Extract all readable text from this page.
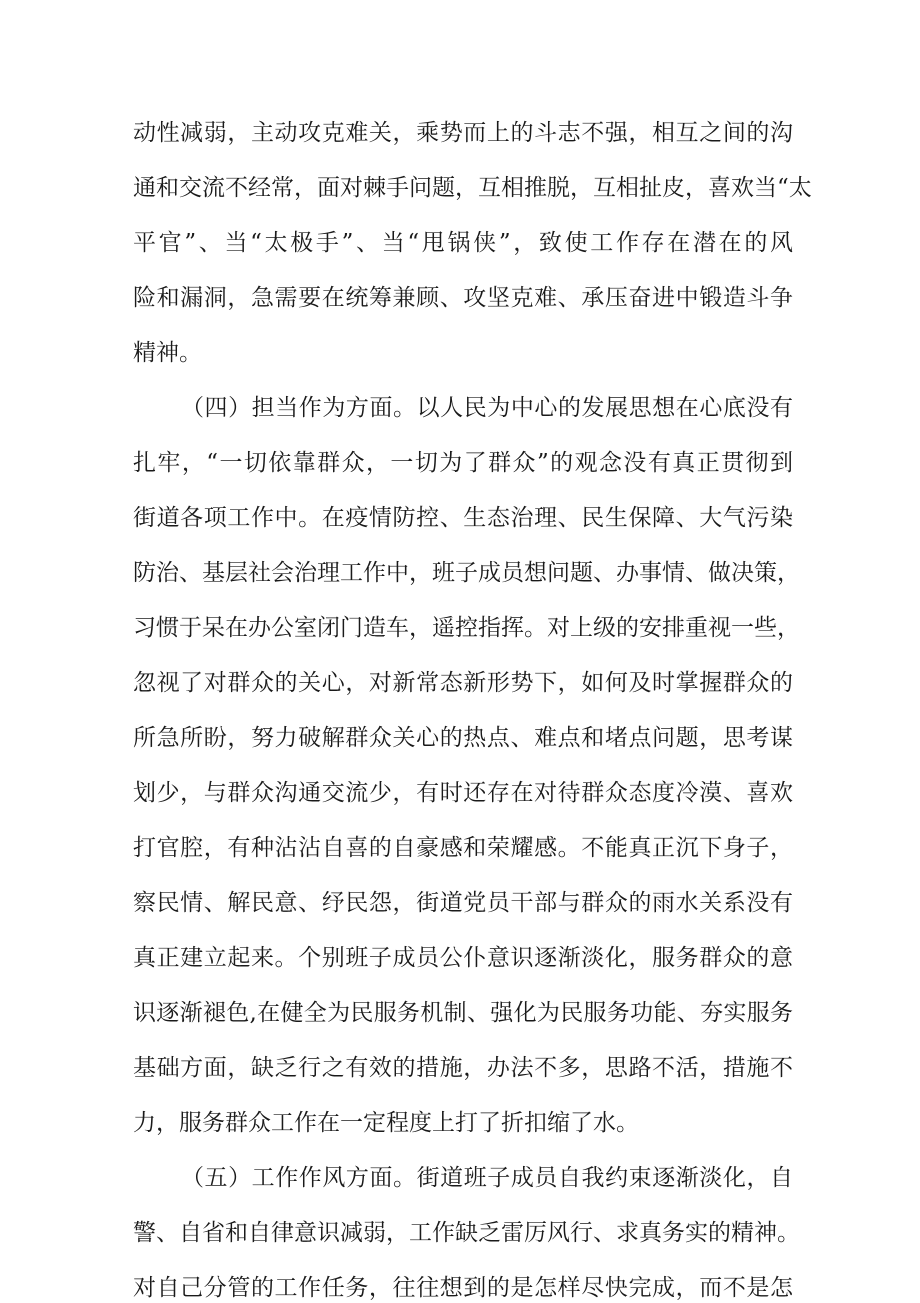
动性减弱，主动攻克难关，乘势而上的斗志不强，相互之间的沟
通和交流不经常，面对棘手问题，互相推脱，互相扯皮，喜欢当“太
平官”、当“太极手”、当“甩锅侠”，致使工作存在潜在的风
险和漏洞，急需要在统筹兼顾、攻坚克难、承压奋进中锻造斗争
精神。
（四）担当作为方面。以人民为中心的发展思想在心底没有
扎牢，“一切依靠群众，一切为了群众”的观念没有真正贯彻到
街道各项工作中。在疫情防控、生态治理、民生保障、大气污染
防治、基层社会治理工作中，班子成员想问题、办事情、做决策，
习惯于呆在办公室闭门造车，遥控指挥。对上级的安排重视一些，
忽视了对群众的关心，对新常态新形势下，如何及时掌握群众的
所急所盼，努力破解群众关心的热点、难点和堵点问题，思考谋
划少，与群众沟通交流少，有时还存在对待群众态度冷漠、喜欢
打官腔，有种沾沾自喜的自豪感和荣耀感。不能真正沉下身子，
察民情、解民意、纾民怨，街道党员干部与群众的雨水关系没有
真正建立起来。个别班子成员公仆意识逐渐淡化，服务群众的意
识逐渐褪色,在健全为民服务机制、强化为民服务功能、夯实服务
基础方面，缺乏行之有效的措施，办法不多，思路不活，措施不
力，服务群众工作在一定程度上打了折扣缩了水。
（五）工作作风方面。街道班子成员自我约束逐渐淡化，自
警、自省和自律意识减弱，工作缺乏雷厉风行、求真务实的精神。
对自己分管的工作任务，往往想到的是怎样尽快完成，而不是怎
